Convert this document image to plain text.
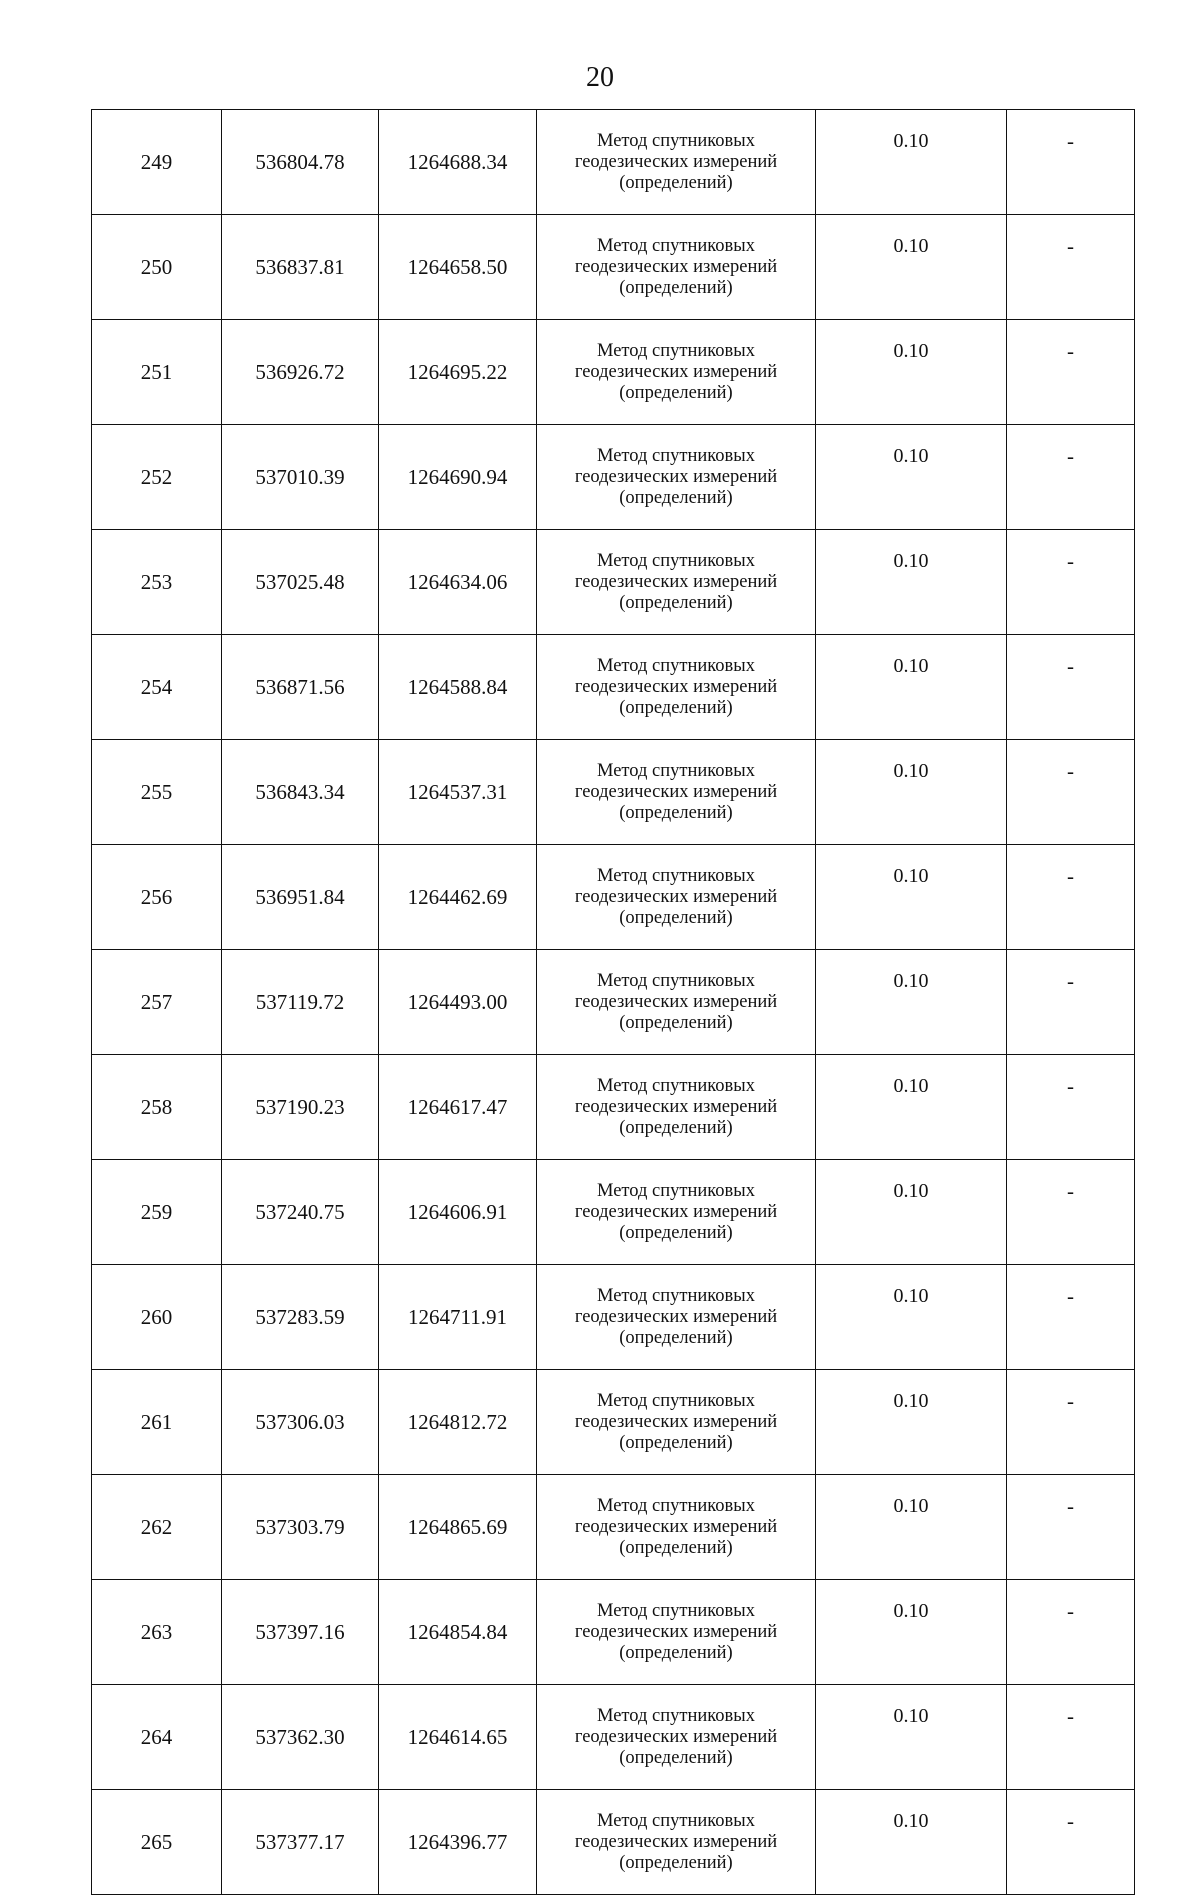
20
249	536804.78	1264688.34	Метод спутниковых
геодезических измерений
(определений)	0.10	-
250	536837.81	1264658.50	Метод спутниковых
геодезических измерений
(определений)	0.10	-
251	536926.72	1264695.22	Метод спутниковых
геодезических измерений
(определений)	0.10	-
252	537010.39	1264690.94	Метод спутниковых
геодезических измерений
(определений)	0.10	-
253	537025.48	1264634.06	Метод спутниковых
геодезических измерений
(определений)	0.10	-
254	536871.56	1264588.84	Метод спутниковых
геодезических измерений
(определений)	0.10	-
255	536843.34	1264537.31	Метод спутниковых
геодезических измерений
(определений)	0.10	-
256	536951.84	1264462.69	Метод спутниковых
геодезических измерений
(определений)	0.10	-
257	537119.72	1264493.00	Метод спутниковых
геодезических измерений
(определений)	0.10	-
258	537190.23	1264617.47	Метод спутниковых
геодезических измерений
(определений)	0.10	-
259	537240.75	1264606.91	Метод спутниковых
геодезических измерений
(определений)	0.10	-
260	537283.59	1264711.91	Метод спутниковых
геодезических измерений
(определений)	0.10	-
261	537306.03	1264812.72	Метод спутниковых
геодезических измерений
(определений)	0.10	-
262	537303.79	1264865.69	Метод спутниковых
геодезических измерений
(определений)	0.10	-
263	537397.16	1264854.84	Метод спутниковых
геодезических измерений
(определений)	0.10	-
264	537362.30	1264614.65	Метод спутниковых
геодезических измерений
(определений)	0.10	-
265	537377.17	1264396.77	Метод спутниковых
геодезических измерений
(определений)	0.10	-
